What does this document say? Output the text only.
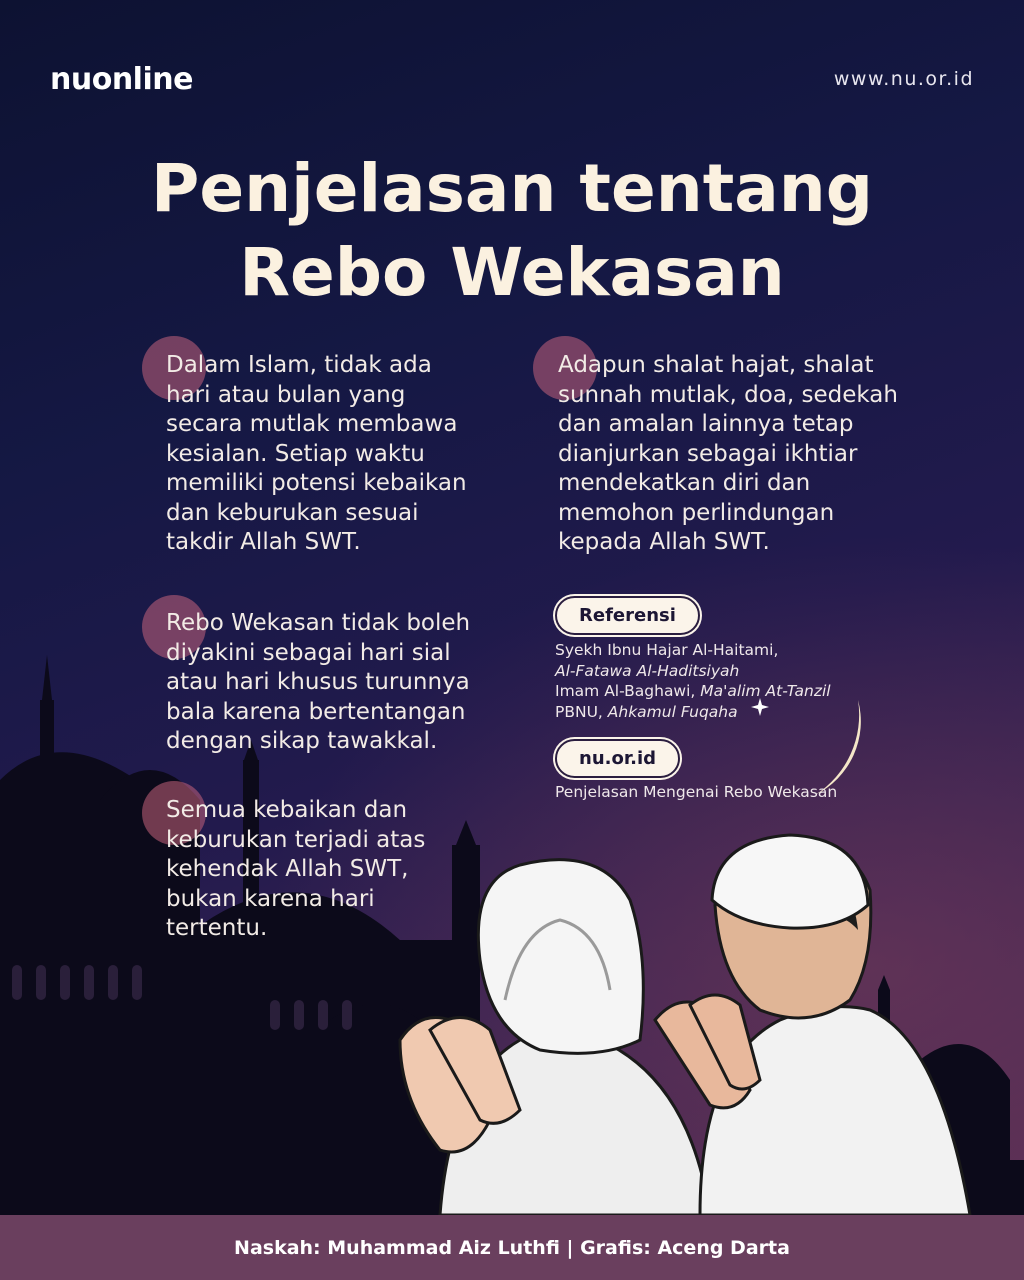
nuonline	www.nu.or.id
Penjelasan tentang
Rebo Wekasan
Dalam Islam, tidak ada
hari atau bulan yang
secara mutlak membawa
kesialan. Setiap waktu
memiliki potensi kebaikan
dan keburukan sesuai
takdir Allah SWT.
Rebo Wekasan tidak boleh
diyakini sebagai hari sial
atau hari khusus turunnya
bala karena bertentangan
dengan sikap tawakkal.
Semua kebaikan dan
keburukan terjadi atas
kehendak Allah SWT,
bukan karena hari
tertentu.
Adapun shalat hajat, shalat
sunnah mutlak, doa, sedekah
dan amalan lainnya tetap
dianjurkan sebagai ikhtiar
mendekatkan diri dan
memohon perlindungan
kepada Allah SWT.
Referensi
Syekh Ibnu Hajar Al-Haitami,
Al-Fatawa Al-Haditsiyah
Imam Al-Baghawi, Ma'alim At-Tanzil
PBNU, Ahkamul Fuqaha
nu.or.id
Penjelasan Mengenai Rebo Wekasan
Naskah: Muhammad Aiz Luthfi | Grafis: Aceng Darta
